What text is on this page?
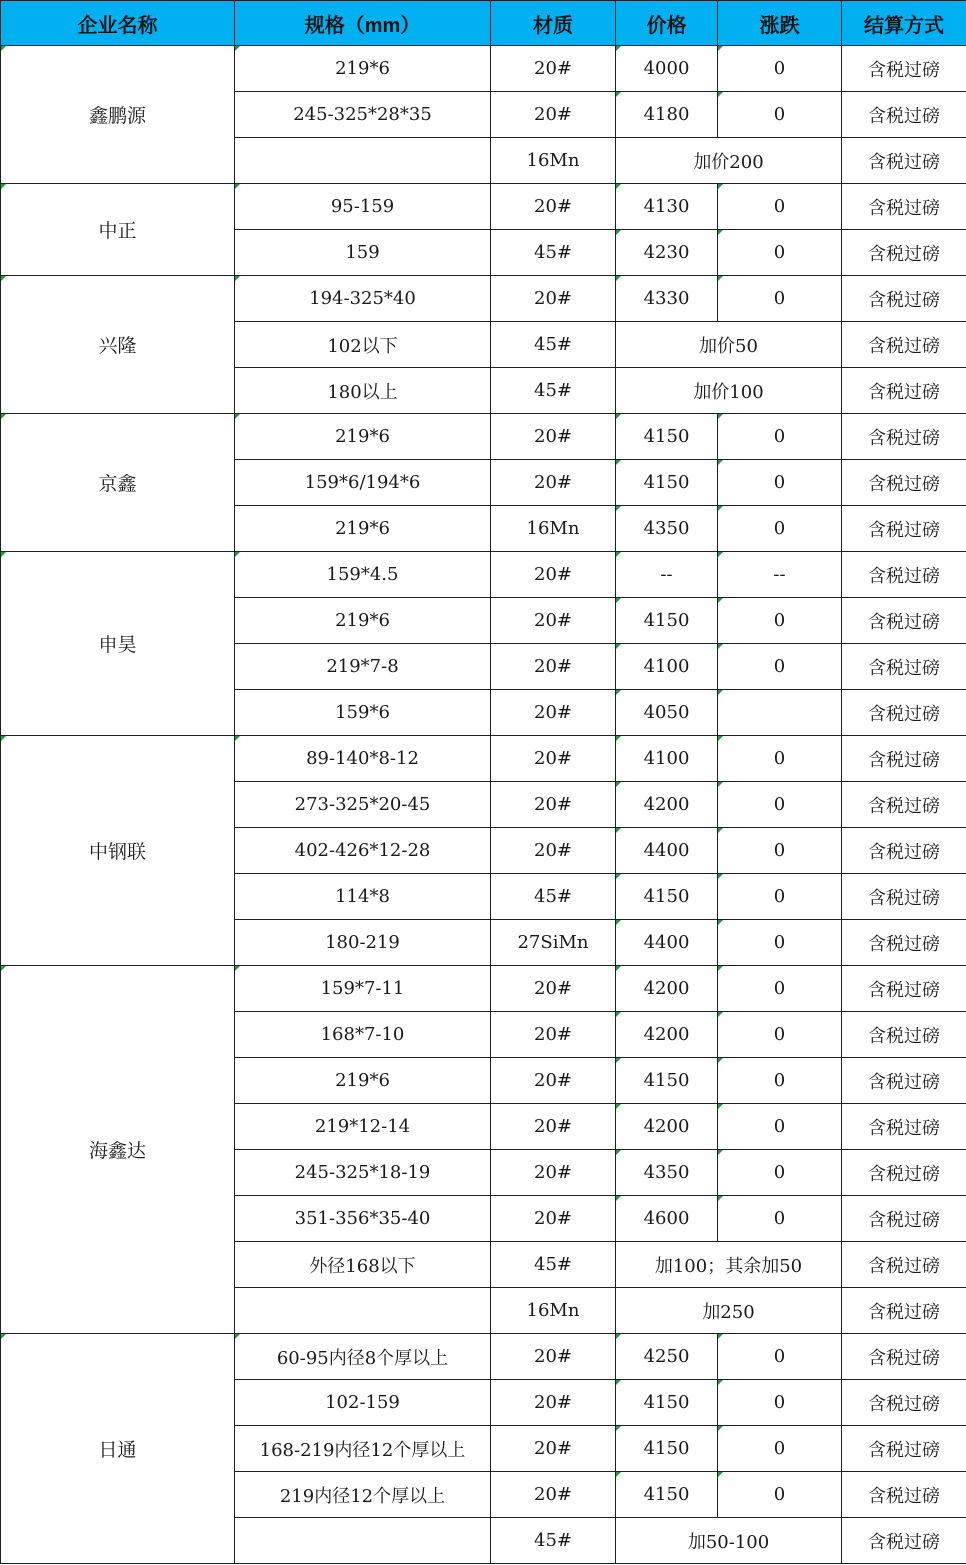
企业名称	规格（mm）	材质	价格	涨跌	结算方式
鑫鹏源	219*6	20#	4000	0	含税过磅
	245-325*28*35	20#	4180	0	含税过磅
		16Mn	加价200		含税过磅
中正	95-159	20#	4130	0	含税过磅
	159	45#	4230	0	含税过磅
兴隆	194-325*40	20#	4330	0	含税过磅
	102以下	45#	加价50		含税过磅
	180以上	45#	加价100		含税过磅
京鑫	219*6	20#	4150	0	含税过磅
	159*6/194*6	20#	4150	0	含税过磅
	219*6	16Mn	4350	0	含税过磅
申昊	159*4.5	20#	--	--	含税过磅
	219*6	20#	4150	0	含税过磅
	219*7-8	20#	4100	0	含税过磅
	159*6	20#	4050		含税过磅
中钢联	89-140*8-12	20#	4100	0	含税过磅
	273-325*20-45	20#	4200	0	含税过磅
	402-426*12-28	20#	4400	0	含税过磅
	114*8	45#	4150	0	含税过磅
	180-219	27SiMn	4400	0	含税过磅
海鑫达	159*7-11	20#	4200	0	含税过磅
	168*7-10	20#	4200	0	含税过磅
	219*6	20#	4150	0	含税过磅
	219*12-14	20#	4200	0	含税过磅
	245-325*18-19	20#	4350	0	含税过磅
	351-356*35-40	20#	4600	0	含税过磅
	外径168以下	45#	加100；其余加50		含税过磅
		16Mn	加250		含税过磅
日通	60-95内径8个厚以上	20#	4250	0	含税过磅
	102-159	20#	4150	0	含税过磅
	168-219内径12个厚以上	20#	4150	0	含税过磅
	219内径12个厚以上	20#	4150	0	含税过磅
		45#	加50-100		含税过磅
